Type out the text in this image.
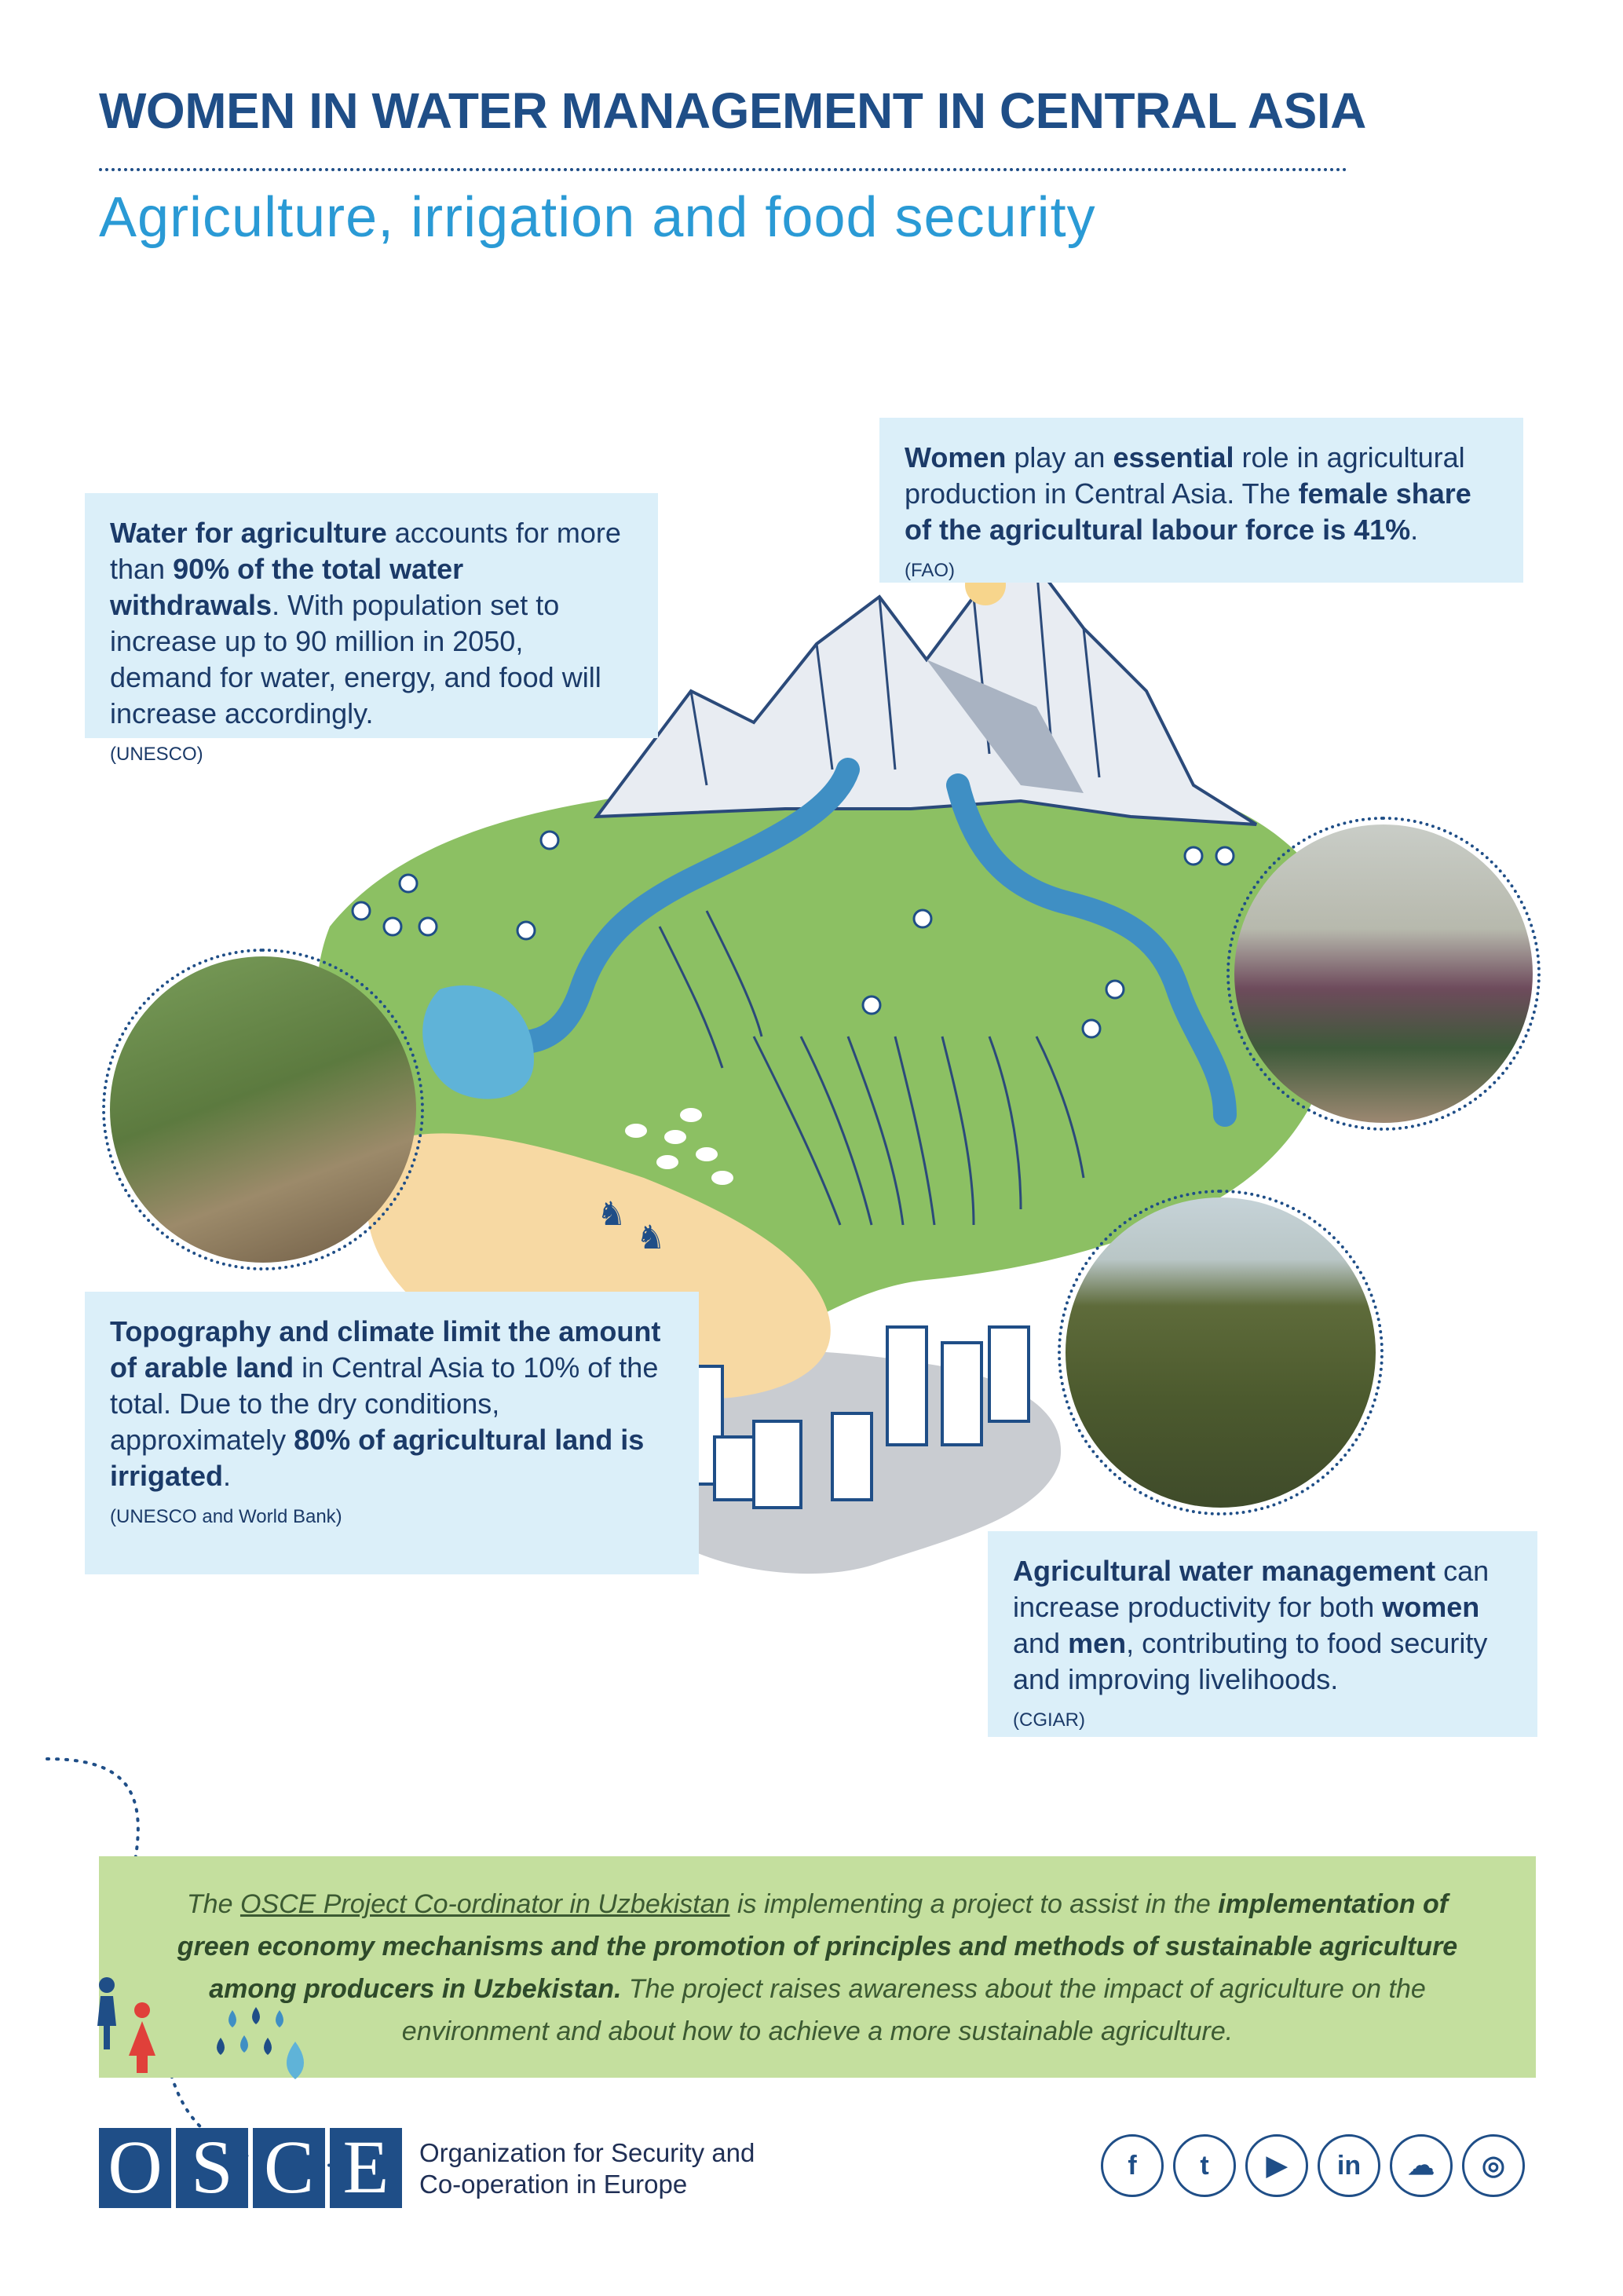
WOMEN IN WATER MANAGEMENT IN CENTRAL ASIA
Agriculture, irrigation and food security
♞
♞
Water for agriculture accounts for more than 90% of the total water withdrawals. With population set to increase up to 90 million in 2050, demand for water, energy, and food will increase accordingly.
(UNESCO)
Women play an essential role in agricultural production in Central Asia. The female share of the agricultural labour force is 41%.
(FAO)
Topography and climate limit the amount of arable land in Central Asia to 10% of the total. Due to the dry conditions, approximately 80% of agricultural land is irrigated.
(UNESCO and World Bank)
Agricultural water management can increase productivity for both women and men, contributing to food security and improving livelihoods.
(CGIAR)
The OSCE Project Co-ordinator in Uzbekistan is implementing a project to assist in the implementation of green economy mechanisms and the promotion of principles and methods of sustainable agriculture among producers in Uzbekistan. The project raises awareness about the impact of agriculture on the environment and about how to achieve a more sustainable agriculture.
O S C E	Organization for Security and
Co-operation in Europe
f	t	▶	in	☁	◎
